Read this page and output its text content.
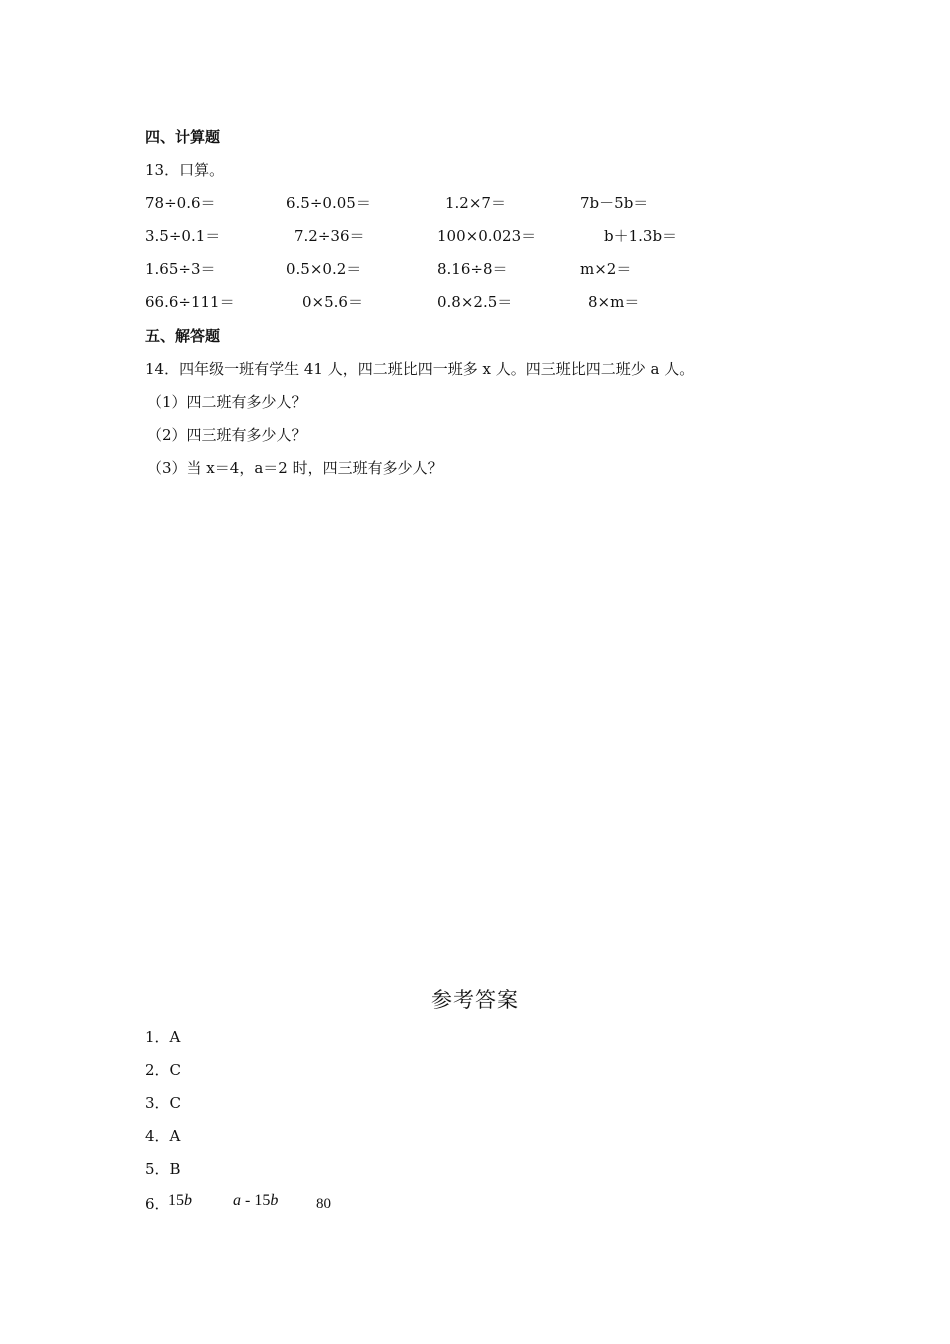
四、计算题
13．口算。
78÷0.6＝	6.5÷0.05＝	1.2×7＝	7b－5b＝
3.5÷0.1＝	7.2÷36＝	100×0.023＝	b＋1.3b＝
1.65÷3＝	0.5×0.2＝	8.16÷8＝	m×2＝
66.6÷111＝	0×5.6＝	0.8×2.5＝	8×m＝
五、解答题
14．四年级一班有学生 41 人，四二班比四一班多 x 人。四三班比四二班少 a 人。
（1）四二班有多少人？
（2）四三班有多少人？
（3）当 x＝4，a＝2 时，四三班有多少人？
参考答案
1．A
2．C
3．C
4．A
5．B
6．
15b	a - 15b	80
